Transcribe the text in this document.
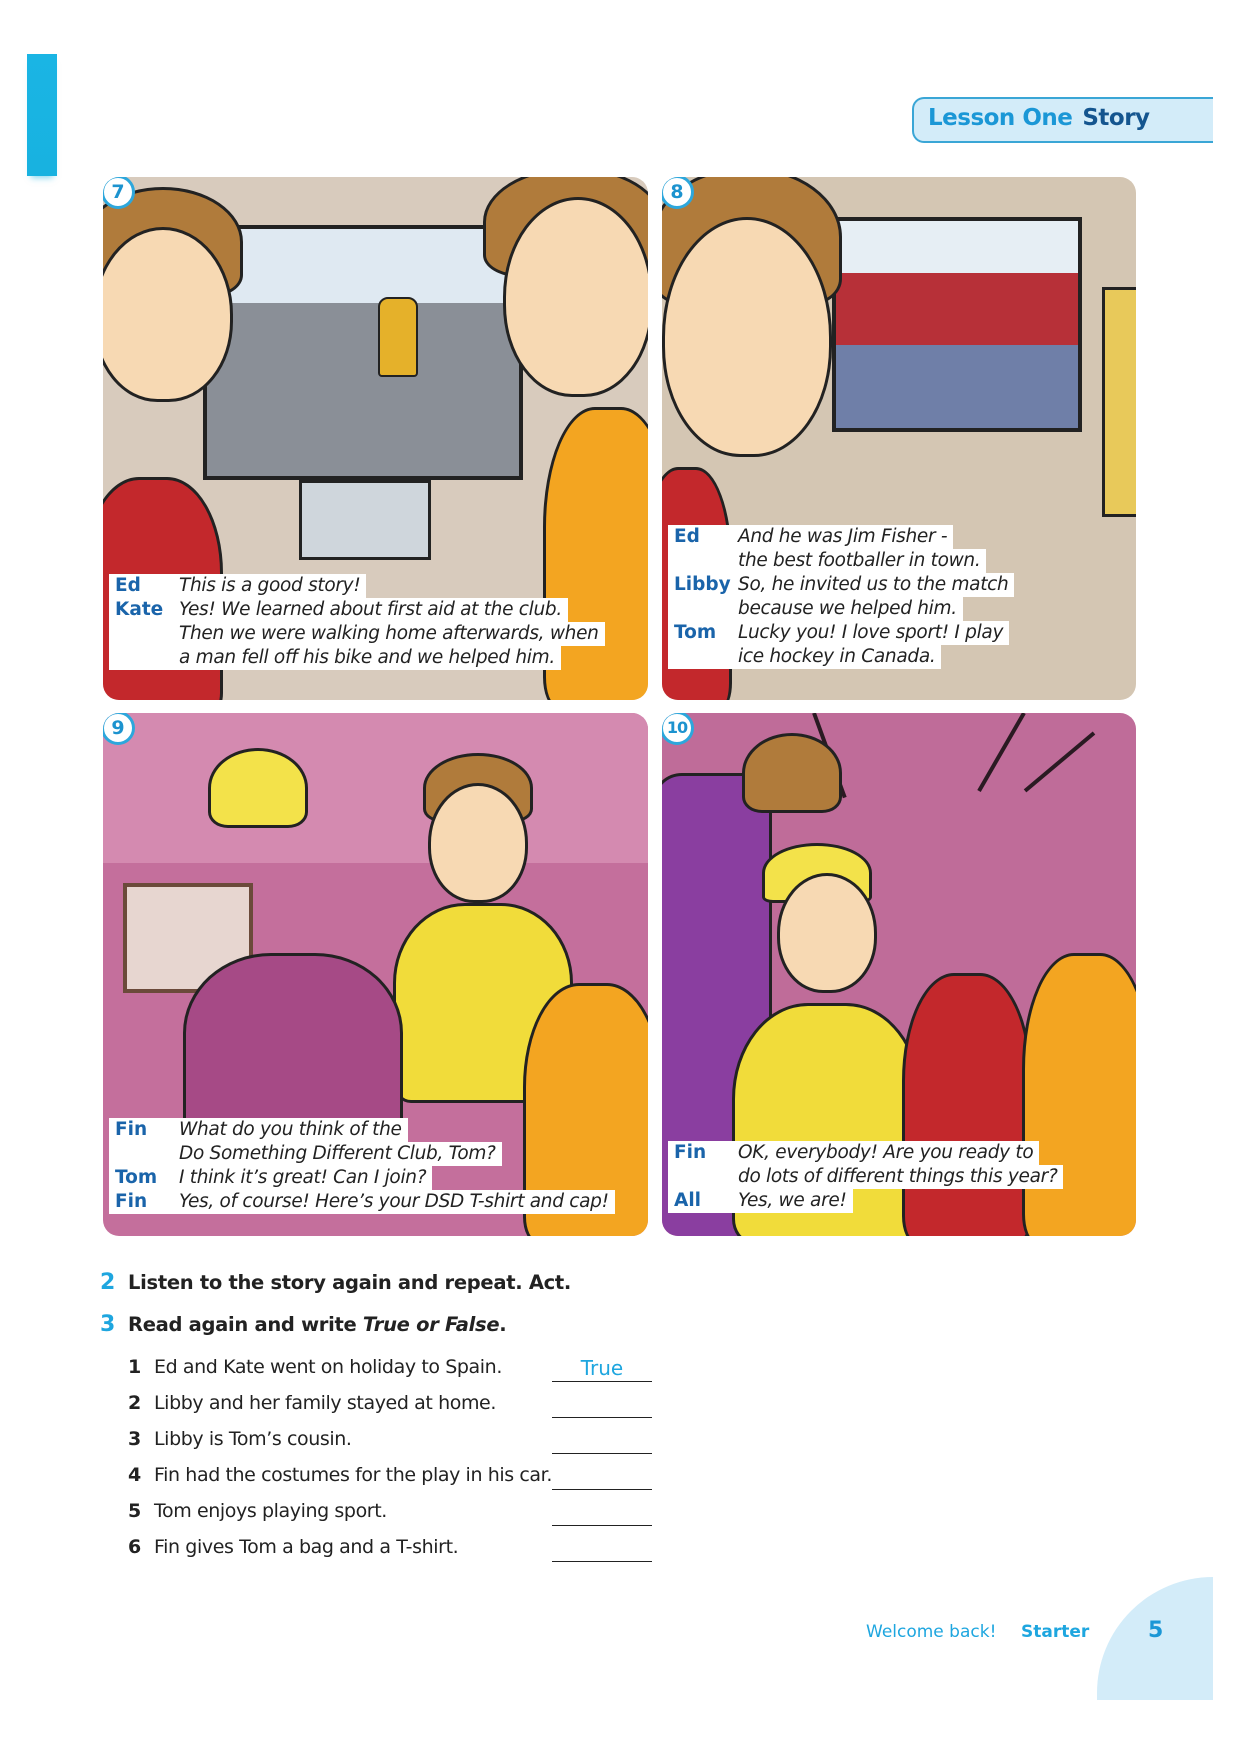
Lesson One Story
7
Ed	This is a good story!
Kate Yes! We learned about first aid at the club.
Then we were walking home afterwards, when
a man fell off his bike and we helped him.
8
Ed	And he was Jim Fisher -
the best footballer in town.
Libby So, he invited us to the match
because we helped him.
Tom	Lucky you! I love sport! I play
ice hockey in Canada.
9
Fin	What do you think of the
Do Something Different Club, Tom?
Tom	I think it’s great! Can I join?
Fin	Yes, of course! Here’s your DSD T-shirt and cap!
10
Fin	OK, everybody! Are you ready to
do lots of different things this year?
All	Yes, we are!
2 Listen to the story again and repeat. Act.
3 Read again and write True or False.
1 Ed and Kate went on holiday to Spain.	True
2 Libby and her family stayed at home.
3 Libby is Tom’s cousin.
4 Fin had the costumes for the play in his car.
5 Tom enjoys playing sport.
6 Fin gives Tom a bag and a T-shirt.
Welcome back! Starter	5
